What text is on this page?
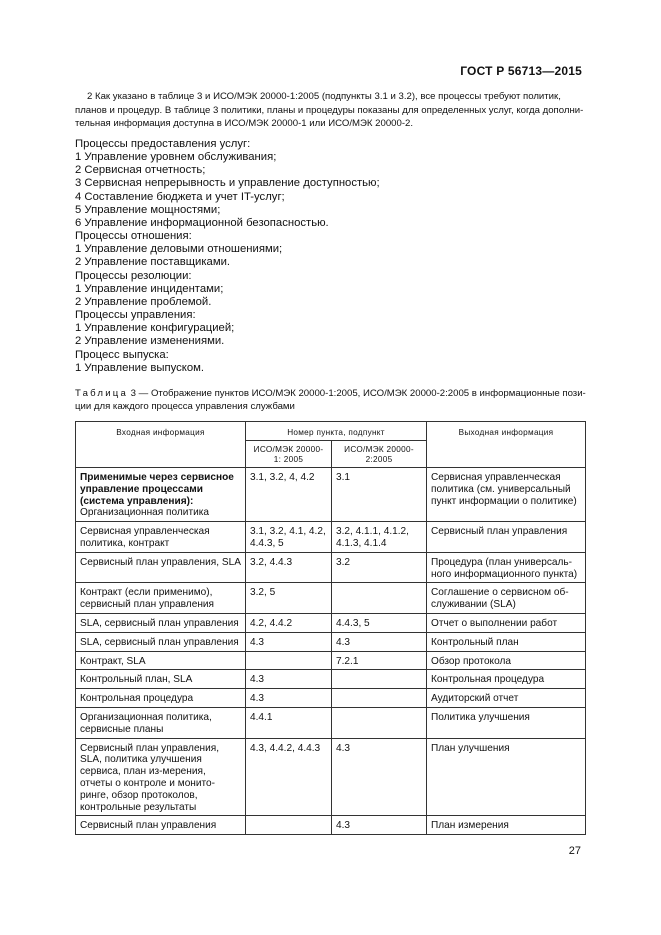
ГОСТ Р 56713—2015
2 Как указано в таблице 3 и ИСО/МЭК 20000-1:2005 (подпункты 3.1 и 3.2), все процессы требуют политик,
планов и процедур. В таблице 3 политики, планы и процедуры показаны для определенных услуг, когда дополни-
тельная информация доступна в ИСО/МЭК 20000-1 или ИСО/МЭК 20000-2.
Процессы предоставления услуг:
1 Управление уровнем обслуживания;
2 Сервисная отчетность;
3 Сервисная непрерывность и управление доступностью;
4 Составление бюджета и учет IT-услуг;
5 Управление мощностями;
6 Управление информационной безопасностью.
Процессы отношения:
1 Управление деловыми отношениями;
2 Управление поставщиками.
Процессы резолюции:
1 Управление инцидентами;
2 Управление проблемой.
Процессы управления:
1 Управление конфигурацией;
2 Управление изменениями.
Процесс выпуска:
1 Управление выпуском.
Таблица 3 — Отображение пунктов ИСО/МЭК 20000-1:2005, ИСО/МЭК 20000-2:2005 в информационные пози-
ции для каждого процесса управления службами
Входная информация	Номер пункта, подпункт		Выходная информация
	ИСО/МЭК 20000-1: 2005	ИСО/МЭК 20000-2:2005	

Применимые через сервисное управление процессами (система управления):
Организационная политика	3.1, 3.2, 4, 4.2	3.1	Сервисная управленческая политика (см. универсальный пункт информации о политике)
Сервисная управленческая политика, контракт	3.1, 3.2, 4.1, 4.2, 4.4.3, 5	3.2, 4.1.1, 4.1.2, 4.1.3, 4.1.4	Сервисный план управления
Сервисный план управления, SLA	3.2, 4.4.3	3.2	Процедура (план универсаль-ного информационного пункта)
Контракт (если применимо), сервисный план управления	3.2, 5		Соглашение о сервисном об-служивании (SLA)
SLA, сервисный план управления	4.2, 4.4.2	4.4.3, 5	Отчет о выполнении работ
SLA, сервисный план управления	4.3	4.3	Контрольный план
Контракт, SLA		7.2.1	Обзор протокола
Контрольный план, SLA	4.3		Контрольная процедура
Контрольная процедура	4.3		Аудиторский отчет
Организационная политика, сервисные планы	4.4.1		Политика улучшения
Сервисный план управления, SLA, политика улучшения сервиса, план из-мерения, отчеты о контроле и монито-ринге, обзор протоколов, контрольные результаты	4.3, 4.4.2, 4.4.3	4.3	План улучшения
Сервисный план управления		4.3	План измерения
27
